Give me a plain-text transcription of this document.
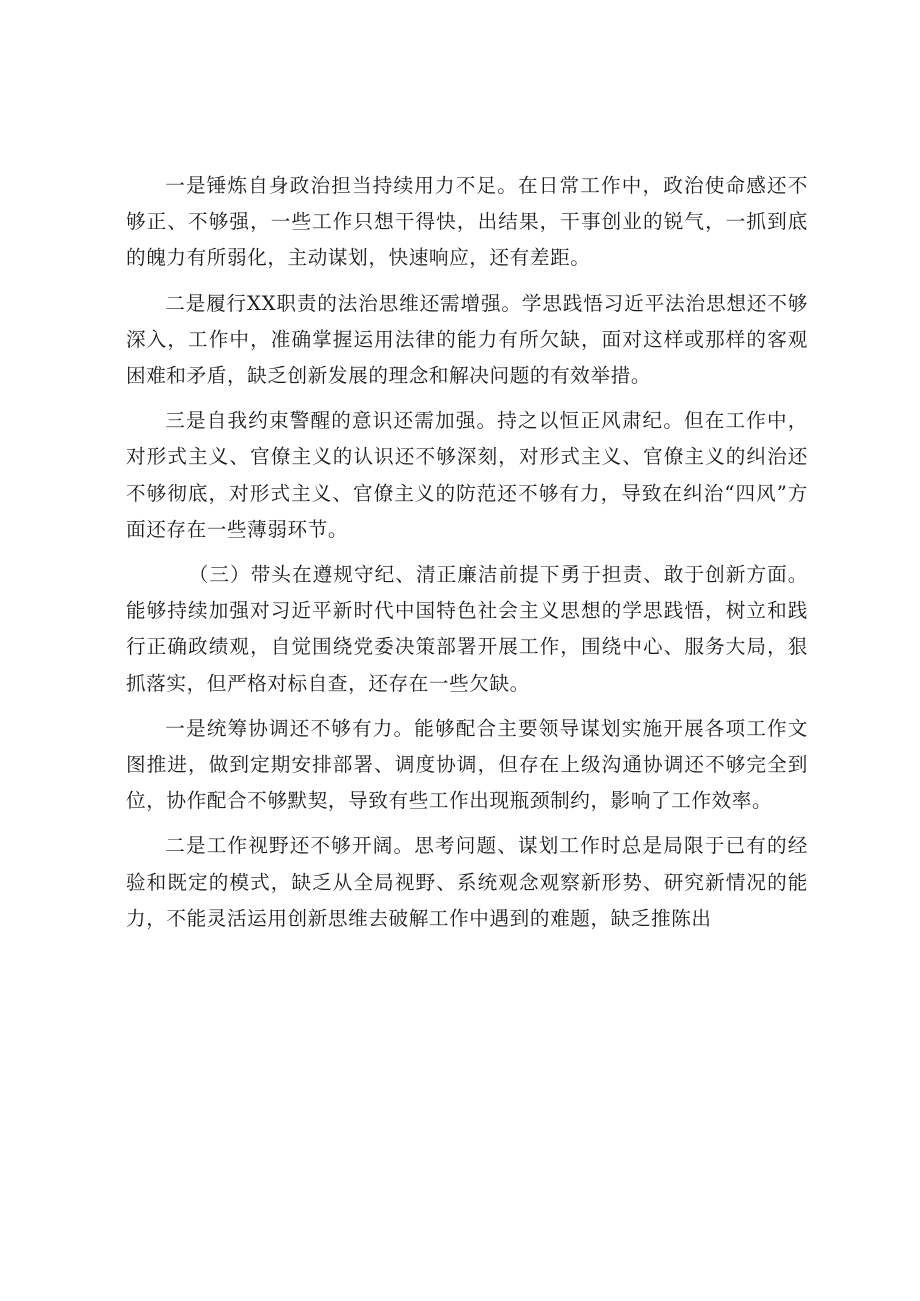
一是锤炼自身政治担当持续用力不足。在日常工作中，政治使命感还不够正、不够强，一些工作只想干得快，出结果，干事创业的锐气，一抓到底的魄力有所弱化，主动谋划，快速响应，还有差距。

二是履行XX职责的法治思维还需增强。学思践悟习近平法治思想还不够深入，工作中，准确掌握运用法律的能力有所欠缺，面对这样或那样的客观困难和矛盾，缺乏创新发展的理念和解决问题的有效举措。

三是自我约束警醒的意识还需加强。持之以恒正风肃纪。但在工作中，对形式主义、官僚主义的认识还不够深刻，对形式主义、官僚主义的纠治还不够彻底，对形式主义、官僚主义的防范还不够有力，导致在纠治“四风”方面还存在一些薄弱环节。

（三）带头在遵规守纪、清正廉洁前提下勇于担责、敢于创新方面。能够持续加强对习近平新时代中国特色社会主义思想的学思践悟，树立和践行正确政绩观，自觉围绕党委决策部署开展工作，围绕中心、服务大局，狠抓落实，但严格对标自查，还存在一些欠缺。

一是统筹协调还不够有力。能够配合主要领导谋划实施开展各项工作文图推进，做到定期安排部署、调度协调，但存在上级沟通协调还不够完全到位，协作配合不够默契，导致有些工作出现瓶颈制约，影响了工作效率。

二是工作视野还不够开阔。思考问题、谋划工作时总是局限于已有的经验和既定的模式，缺乏从全局视野、系统观念观察新形势、研究新情况的能力，不能灵活运用创新思维去破解工作中遇到的难题，缺乏推陈出
